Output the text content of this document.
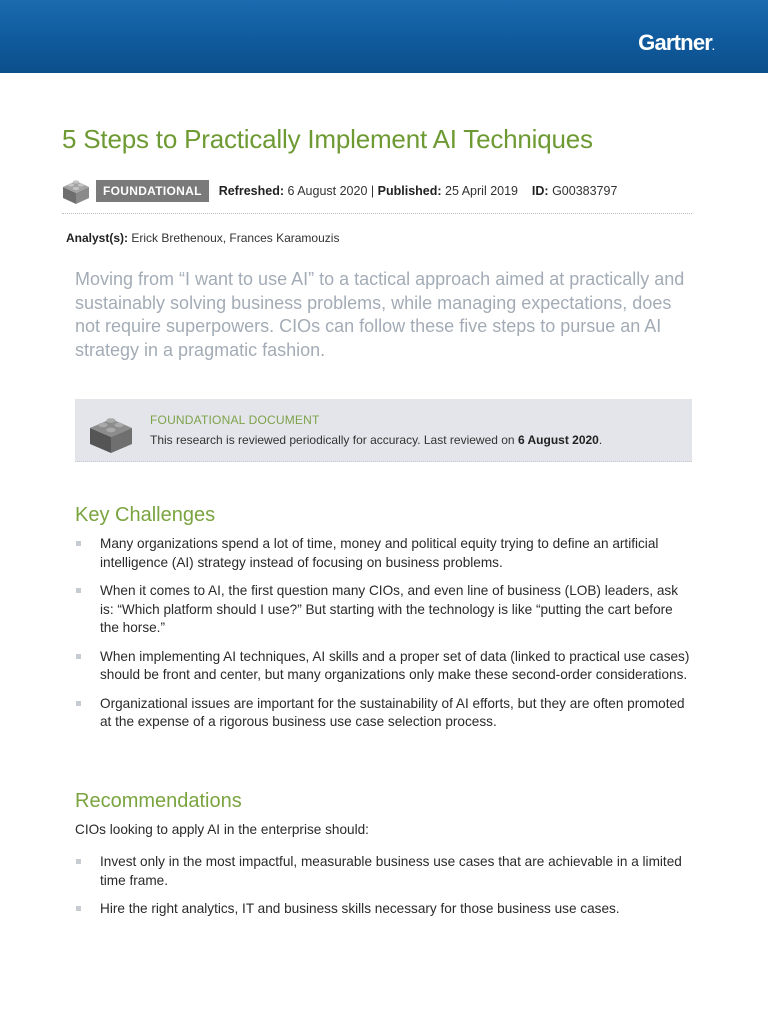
Gartner.
5 Steps to Practically Implement AI Techniques
FOUNDATIONAL	Refreshed: 6 August 2020 | Published: 25 April 2019 ID: G00383797
Analyst(s): Erick Brethenoux, Frances Karamouzis

Moving from “I want to use AI” to a tactical approach aimed at practically and sustainably solving business problems, while managing expectations, does not require superpowers. CIOs can follow these five steps to pursue an AI strategy in a pragmatic fashion.

FOUNDATIONAL DOCUMENT
This research is reviewed periodically for accuracy. Last reviewed on 6 August 2020.
Key Challenges
Many organizations spend a lot of time, money and political equity trying to define an artificial intelligence (AI) strategy instead of focusing on business problems.
When it comes to AI, the first question many CIOs, and even line of business (LOB) leaders, ask is: “Which platform should I use?” But starting with the technology is like “putting the cart before the horse.”
When implementing AI techniques, AI skills and a proper set of data (linked to practical use cases) should be front and center, but many organizations only make these second-order considerations.
Organizational issues are important for the sustainability of AI efforts, but they are often promoted at the expense of a rigorous business use case selection process.
Recommendations
CIOs looking to apply AI in the enterprise should:
Invest only in the most impactful, measurable business use cases that are achievable in a limited time frame.
Hire the right analytics, IT and business skills necessary for those business use cases.
